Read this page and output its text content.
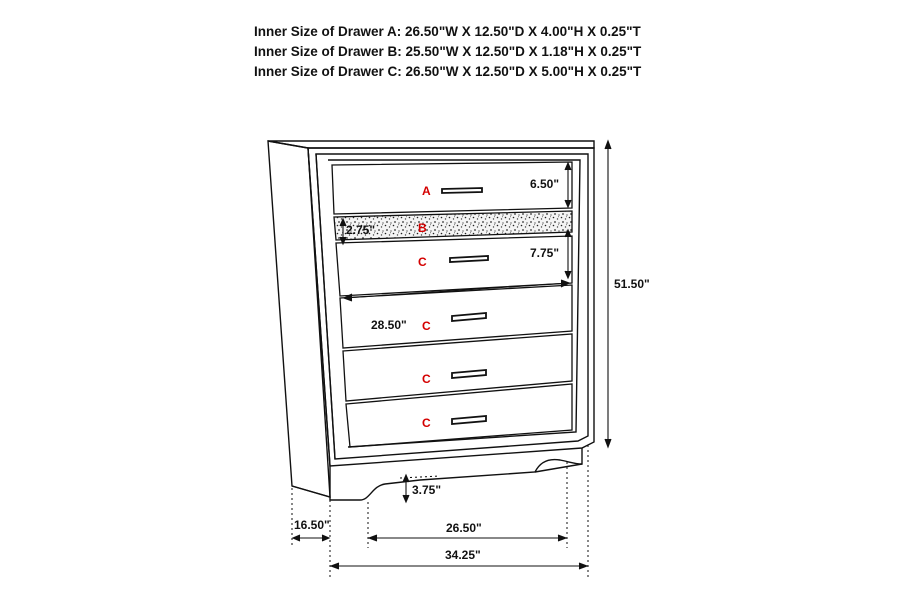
Inner Size of Drawer A: 26.50"W X 12.50"D X 4.00"H X 0.25"T
Inner Size of Drawer B: 25.50"W X 12.50"D X 1.18"H X 0.25"T
Inner Size of Drawer C: 26.50"W X 12.50"D X 5.00"H X 0.25"T
A
B
C
C
C
C
6.50"
2.75"
7.75"
28.50"
51.50"
3.75"
16.50"	26.50"
34.25"
